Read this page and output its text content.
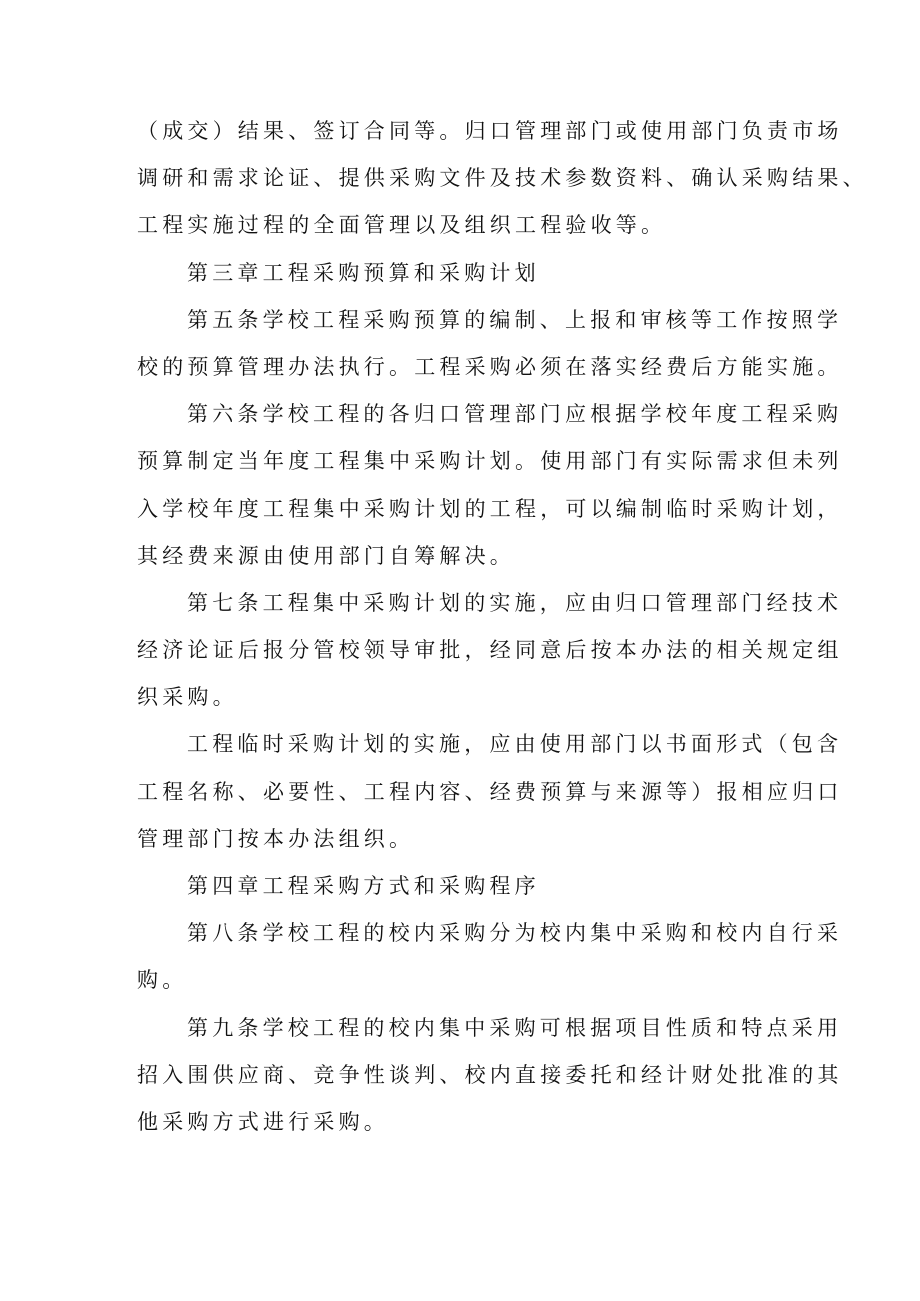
（成交）结果、签订合同等。归口管理部门或使用部门负责市场
调研和需求论证、提供采购文件及技术参数资料、确认采购结果、
工程实施过程的全面管理以及组织工程验收等。
第三章工程采购预算和采购计划
第五条学校工程采购预算的编制、上报和审核等工作按照学
校的预算管理办法执行。工程采购必须在落实经费后方能实施。
第六条学校工程的各归口管理部门应根据学校年度工程采购
预算制定当年度工程集中采购计划。使用部门有实际需求但未列
入学校年度工程集中采购计划的工程，可以编制临时采购计划，
其经费来源由使用部门自筹解决。
第七条工程集中采购计划的实施，应由归口管理部门经技术
经济论证后报分管校领导审批，经同意后按本办法的相关规定组
织采购。
工程临时采购计划的实施，应由使用部门以书面形式（包含
工程名称、必要性、工程内容、经费预算与来源等）报相应归口
管理部门按本办法组织。
第四章工程采购方式和采购程序
第八条学校工程的校内采购分为校内集中采购和校内自行采
购。
第九条学校工程的校内集中采购可根据项目性质和特点采用
招入围供应商、竞争性谈判、校内直接委托和经计财处批准的其
他采购方式进行采购。
